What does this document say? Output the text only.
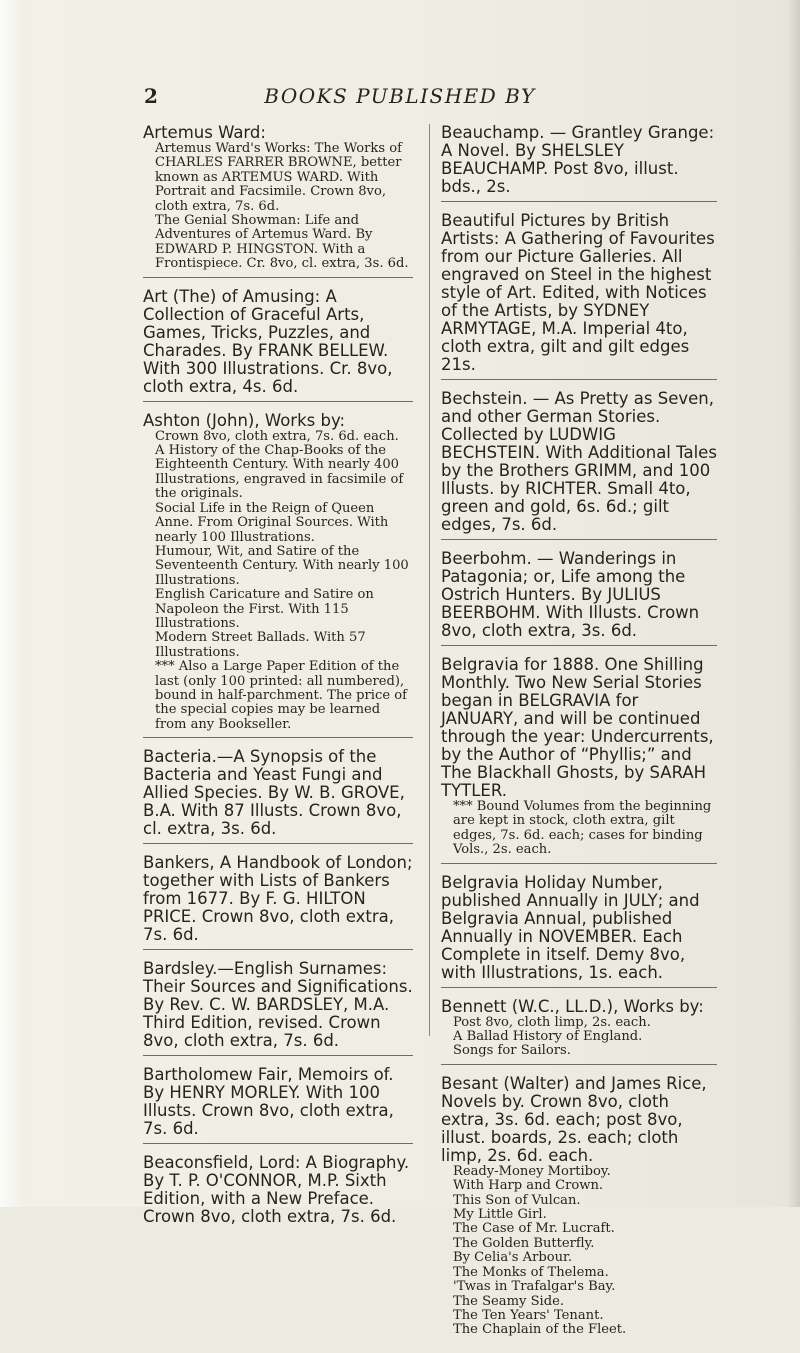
2	BOOKS PUBLISHED BY

Artemus Ward:

Artemus Ward's Works: The Works of CHARLES FARRER BROWNE, better known as ARTEMUS WARD. With Portrait and Facsimile. Crown 8vo, cloth extra, 7s. 6d.

The Genial Showman: Life and Adventures of Artemus Ward. By EDWARD P. HINGSTON. With a Frontispiece. Cr. 8vo, cl. extra, 3s. 6d.

Art (The) of Amusing: A Collection of Graceful Arts, Games, Tricks, Puzzles, and Charades. By FRANK BELLEW. With 300 Illustrations. Cr. 8vo, cloth extra, 4s. 6d.

Ashton (John), Works by:

Crown 8vo, cloth extra, 7s. 6d. each.

A History of the Chap-Books of the Eighteenth Century. With nearly 400 Illustrations, engraved in facsimile of the originals.

Social Life in the Reign of Queen Anne. From Original Sources. With nearly 100 Illustrations.

Humour, Wit, and Satire of the Seventeenth Century. With nearly 100 Illustrations.

English Caricature and Satire on Napoleon the First. With 115 Illustrations.

Modern Street Ballads. With 57 Illustrations.

*** Also a Large Paper Edition of the last (only 100 printed: all numbered), bound in half-parchment. The price of the special copies may be learned from any Bookseller.

Bacteria.—A Synopsis of the Bacteria and Yeast Fungi and Allied Species. By W. B. GROVE, B.A. With 87 Illusts. Crown 8vo, cl. extra, 3s. 6d.

Bankers, A Handbook of London; together with Lists of Bankers from 1677. By F. G. HILTON PRICE. Crown 8vo, cloth extra, 7s. 6d.

Bardsley.—English Surnames: Their Sources and Significations. By Rev. C. W. BARDSLEY, M.A. Third Edition, revised. Crown 8vo, cloth extra, 7s. 6d.

Bartholomew Fair, Memoirs of. By HENRY MORLEY. With 100 Illusts. Crown 8vo, cloth extra, 7s. 6d.

Beaconsfield, Lord: A Biography. By T. P. O'CONNOR, M.P. Sixth Edition, with a New Preface. Crown 8vo, cloth extra, 7s. 6d.

Beauchamp. — Grantley Grange: A Novel. By SHELSLEY BEAUCHAMP. Post 8vo, illust. bds., 2s.

Beautiful Pictures by British Artists: A Gathering of Favourites from our Picture Galleries. All engraved on Steel in the highest style of Art. Edited, with Notices of the Artists, by SYDNEY ARMYTAGE, M.A. Imperial 4to, cloth extra, gilt and gilt edges 21s.

Bechstein. — As Pretty as Seven, and other German Stories. Collected by LUDWIG BECHSTEIN. With Additional Tales by the Brothers GRIMM, and 100 Illusts. by RICHTER. Small 4to, green and gold, 6s. 6d.; gilt edges, 7s. 6d.

Beerbohm. — Wanderings in Patagonia; or, Life among the Ostrich Hunters. By JULIUS BEERBOHM. With Illusts. Crown 8vo, cloth extra, 3s. 6d.

Belgravia for 1888. One Shilling Monthly. Two New Serial Stories began in BELGRAVIA for JANUARY, and will be continued through the year: Undercurrents, by the Author of “Phyllis;” and The Blackhall Ghosts, by SARAH TYTLER.

*** Bound Volumes from the beginning are kept in stock, cloth extra, gilt edges, 7s. 6d. each; cases for binding Vols., 2s. each.

Belgravia Holiday Number, published Annually in JULY; and Belgravia Annual, published Annually in NOVEMBER. Each Complete in itself. Demy 8vo, with Illustrations, 1s. each.

Bennett (W.C., LL.D.), Works by:

Post 8vo, cloth limp, 2s. each.

A Ballad History of England.

Songs for Sailors.

Besant (Walter) and James Rice, Novels by. Crown 8vo, cloth extra, 3s. 6d. each; post 8vo, illust. boards, 2s. each; cloth limp, 2s. 6d. each.

Ready-Money Mortiboy.

With Harp and Crown.

This Son of Vulcan.

My Little Girl.

The Case of Mr. Lucraft.

The Golden Butterfly.

By Celia's Arbour.

The Monks of Thelema.

'Twas in Trafalgar's Bay.

The Seamy Side.

The Ten Years' Tenant.

The Chaplain of the Fleet.
